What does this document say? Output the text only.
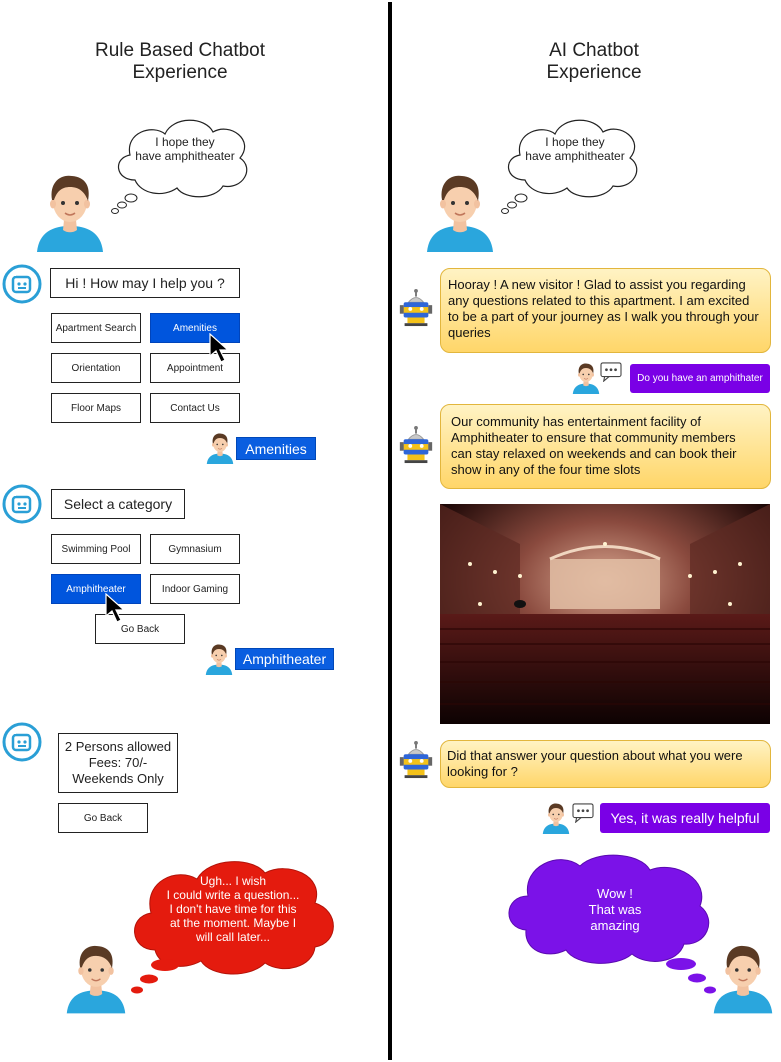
Rule Based Chatbot
Experience
I hope they
have amphitheater
Hi ! How may I help you ?
Apartment Search	Amenities
Orientation	Appointment
Floor Maps	Contact Us
Amenities
Select a category
Swimming Pool	Gymnasium
Amphitheater	Indoor Gaming
Go Back
Amphitheater
2 Persons allowed
Fees: 70/-
Weekends Only
Go Back
Ugh... I wish
I could write a question...
I don't have time for this
at the moment. Maybe I
will call later...
AI Chatbot
Experience
I hope they
have amphitheater
Hooray ! A new visitor ! Glad to assist you regarding any questions related to this apartment. I am excited to be a part of your journey as I walk you through your queries
Do you have an amphithater
Our community has entertainment facility of Amphitheater to ensure that community members can stay relaxed on weekends and can book their show in any of the four time slots
Did that answer your question about what you were looking for ?
Yes, it was really helpful
Wow !
That was
amazing
